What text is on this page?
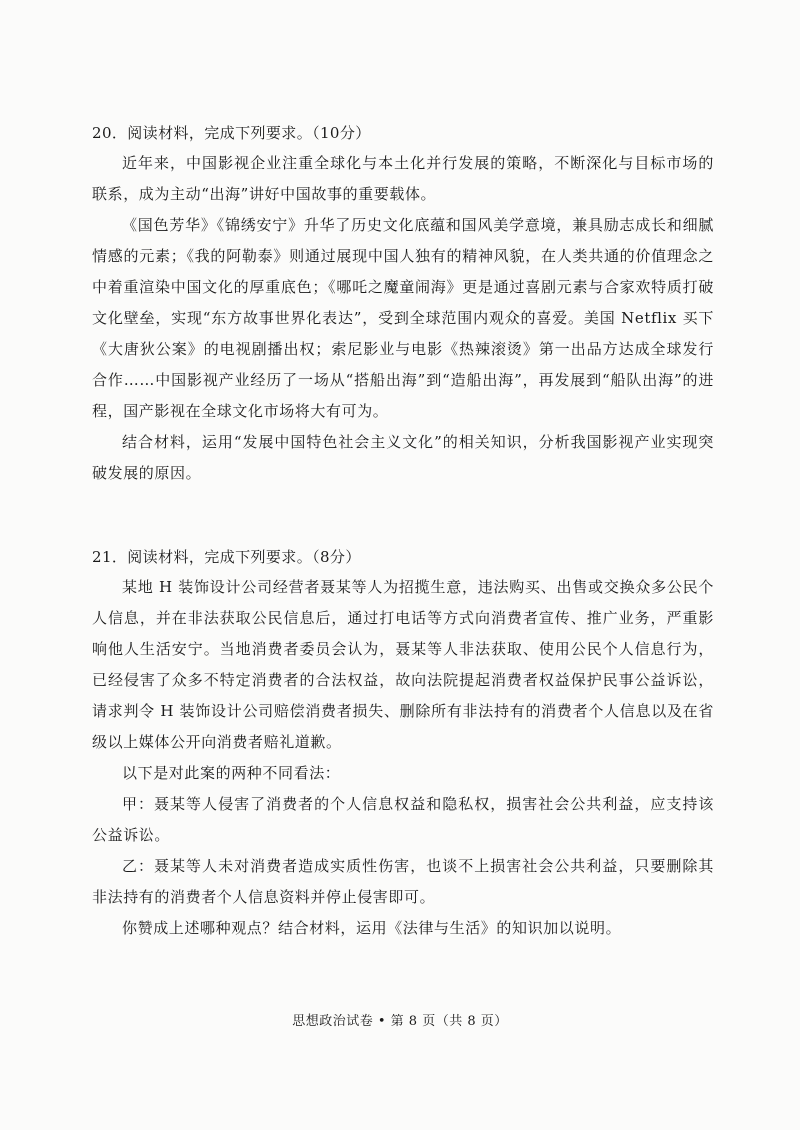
20．阅读材料，完成下列要求。（10分）

近年来，中国影视企业注重全球化与本土化并行发展的策略，不断深化与目标市场的联系，成为主动“出海”讲好中国故事的重要载体。

《国色芳华》《锦绣安宁》升华了历史文化底蕴和国风美学意境，兼具励志成长和细腻情感的元素；《我的阿勒泰》则通过展现中国人独有的精神风貌，在人类共通的价值理念之中着重渲染中国文化的厚重底色；《哪吒之魔童闹海》更是通过喜剧元素与合家欢特质打破文化壁垒，实现“东方故事世界化表达”，受到全球范围内观众的喜爱。美国 Netflix 买下《大唐狄公案》的电视剧播出权；索尼影业与电影《热辣滚烫》第一出品方达成全球发行合作……中国影视产业经历了一场从“搭船出海”到“造船出海”，再发展到“船队出海”的进程，国产影视在全球文化市场将大有可为。

结合材料，运用“发展中国特色社会主义文化”的相关知识，分析我国影视产业实现突破发展的原因。

21．阅读材料，完成下列要求。（8分）

某地 H 装饰设计公司经营者聂某等人为招揽生意，违法购买、出售或交换众多公民个人信息，并在非法获取公民信息后，通过打电话等方式向消费者宣传、推广业务，严重影响他人生活安宁。当地消费者委员会认为，聂某等人非法获取、使用公民个人信息行为，已经侵害了众多不特定消费者的合法权益，故向法院提起消费者权益保护民事公益诉讼，请求判令 H 装饰设计公司赔偿消费者损失、删除所有非法持有的消费者个人信息以及在省级以上媒体公开向消费者赔礼道歉。

以下是对此案的两种不同看法：

甲：聂某等人侵害了消费者的个人信息权益和隐私权，损害社会公共利益，应支持该公益诉讼。

乙：聂某等人未对消费者造成实质性伤害，也谈不上损害社会公共利益，只要删除其非法持有的消费者个人信息资料并停止侵害即可。

你赞成上述哪种观点？结合材料，运用《法律与生活》的知识加以说明。

思想政治试卷 • 第 8 页（共 8 页）
